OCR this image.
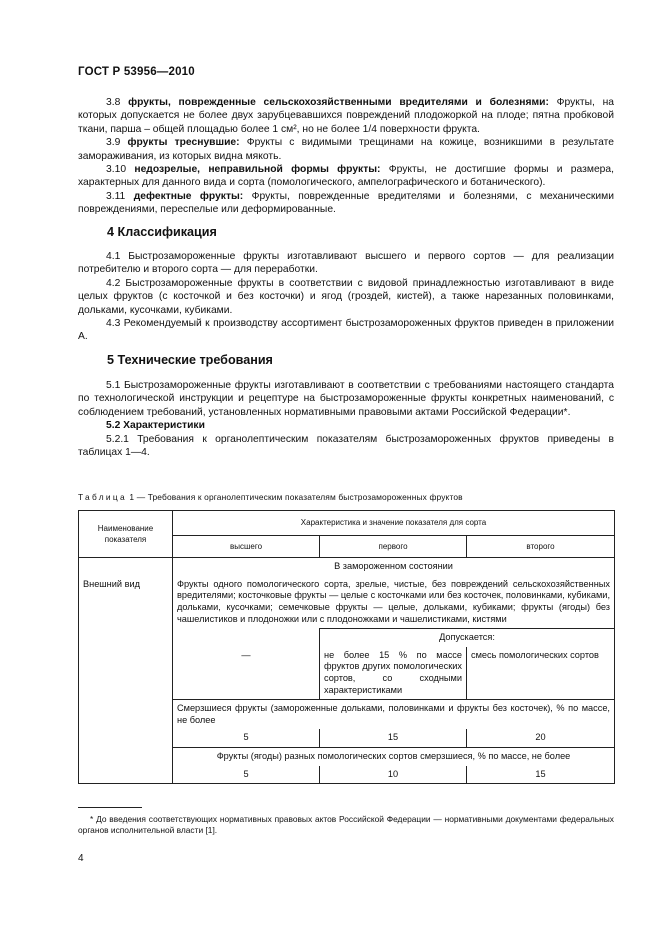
ГОСТ Р 53956—2010

3.8 фрукты, поврежденные сельскохозяйственными вредителями и болезнями: Фрукты, на которых допускается не более двух зарубцевавшихся повреждений плодожоркой на плоде; пятна пробковой ткани, парша – общей площадью более 1 см², но не более 1/4 поверхности фрукта.

3.9 фрукты треснувшие: Фрукты с видимыми трещинами на кожице, возникшими в результате замораживания, из которых видна мякоть.

3.10 недозрелые, неправильной формы фрукты: Фрукты, не достигшие формы и размера, характерных для данного вида и сорта (помологического, ампелографического и ботанического).

3.11 дефектные фрукты: Фрукты, поврежденные вредителями и болезнями, с механическими повреждениями, переспелые или деформированные.

4 Классификация

4.1 Быстрозамороженные фрукты изготавливают высшего и первого сортов — для реализации потребителю и второго сорта — для переработки.

4.2 Быстрозамороженные фрукты в соответствии с видовой принадлежностью изготавливают в виде целых фруктов (с косточкой и без косточки) и ягод (гроздей, кистей), а также нарезанных половинками, дольками, кусочками, кубиками.

4.3 Рекомендуемый к производству ассортимент быстрозамороженных фруктов приведен в приложении А.

5 Технические требования

5.1 Быстрозамороженные фрукты изготавливают в соответствии с требованиями настоящего стандарта по технологической инструкции и рецептуре на быстрозамороженные фрукты конкретных наименований, с соблюдением требований, установленных нормативными правовыми актами Российской Федерации*.

5.2 Характеристики

5.2.1 Требования к органолептическим показателям быстрозамороженных фруктов приведены в таблицах 1—4.

Таблица 1 — Требования к органолептическим показателям быстрозамороженных фруктов
Наименование показателя	Характеристика и значение показателя для сорта		
	высшего	первого	второго
	В замороженном состоянии		
Внешний вид	Фрукты одного помологического сорта, зрелые, чистые, без повреждений сельскохозяйственных вредителями; косточковые фрукты — целые с косточками или без косточек, половинками, кубиками, дольками, кусочками; семечковые фрукты — целые, дольками, кубиками; фрукты (ягоды) без чашелистиков и плодоножки или с плодоножками и чашелистиками, кистями		
		Допускается:	
	—	не более 15 % по массе фруктов других помологических сортов, со сходными характеристиками	смесь помологических сортов
	Смерзшиеся фрукты (замороженные дольками, половинками и фрукты без косточек), % по массе, не более		
	5	15	20
	Фрукты (ягоды) разных помологических сортов смерзшиеся, % по массе, не более		
	5	10	15

* До введения соответствующих нормативных правовых актов Российской Федерации — нормативными документами федеральных органов исполнительной власти [1].

4
